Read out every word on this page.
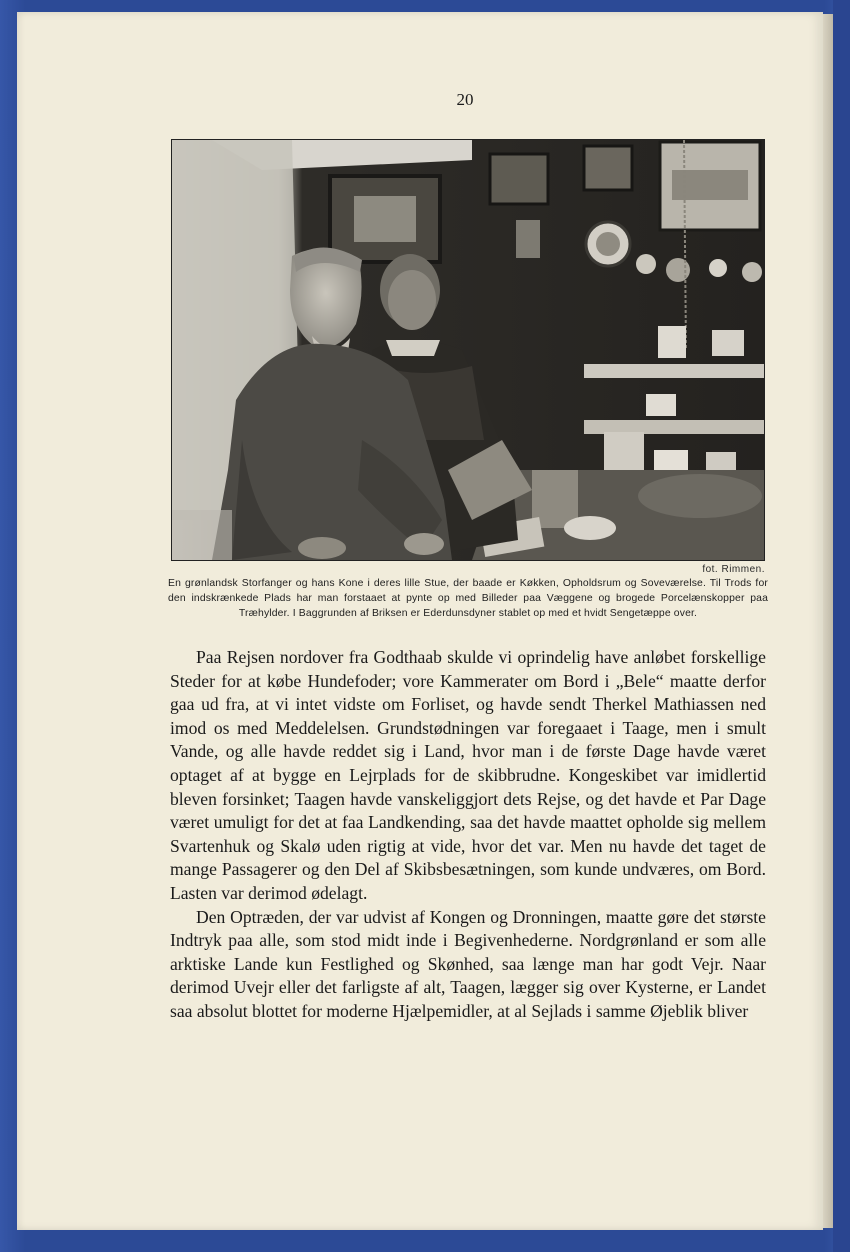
20
fot. Rimmen.
En grønlandsk Storfanger og hans Kone i deres lille Stue, der baade er Køkken, Opholdsrum og Soveværelse. Til Trods for den indskrænkede Plads har man forstaaet at pynte op med Billeder paa Væggene og brogede Porcelænskopper paa Træhylder. I Baggrunden af Briksen er Ederdunsdyner stablet op med et hvidt Sengetæppe over.

Paa Rejsen nordover fra Godthaab skulde vi oprindelig have anløbet forskellige Steder for at købe Hundefoder; vore Kammerater om Bord i „Bele“ maatte derfor gaa ud fra, at vi intet vidste om Forliset, og havde sendt Therkel Mathiassen ned imod os med Meddelelsen. Grundstødningen var foregaaet i Taage, men i smult Vande, og alle havde reddet sig i Land, hvor man i de første Dage havde været optaget af at bygge en Lejrplads for de skibbrudne. Kongeskibet var imidlertid bleven forsinket; Taagen havde vanskeliggjort dets Rejse, og det havde et Par Dage været umuligt for det at faa Landkending, saa det havde maattet opholde sig mellem Svartenhuk og Skalø uden rigtig at vide, hvor det var. Men nu havde det taget de mange Passagerer og den Del af Skibsbesætningen, som kunde undværes, om Bord. Lasten var derimod ødelagt.

Den Optræden, der var udvist af Kongen og Dronningen, maatte gøre det største Indtryk paa alle, som stod midt inde i Begivenhederne. Nordgrønland er som alle arktiske Lande kun Festlighed og Skønhed, saa længe man har godt Vejr. Naar derimod Uvejr eller det farligste af alt, Taagen, lægger sig over Kysterne, er Landet saa absolut blottet for moderne Hjælpemidler, at al Sejlads i samme Øjeblik bliver
